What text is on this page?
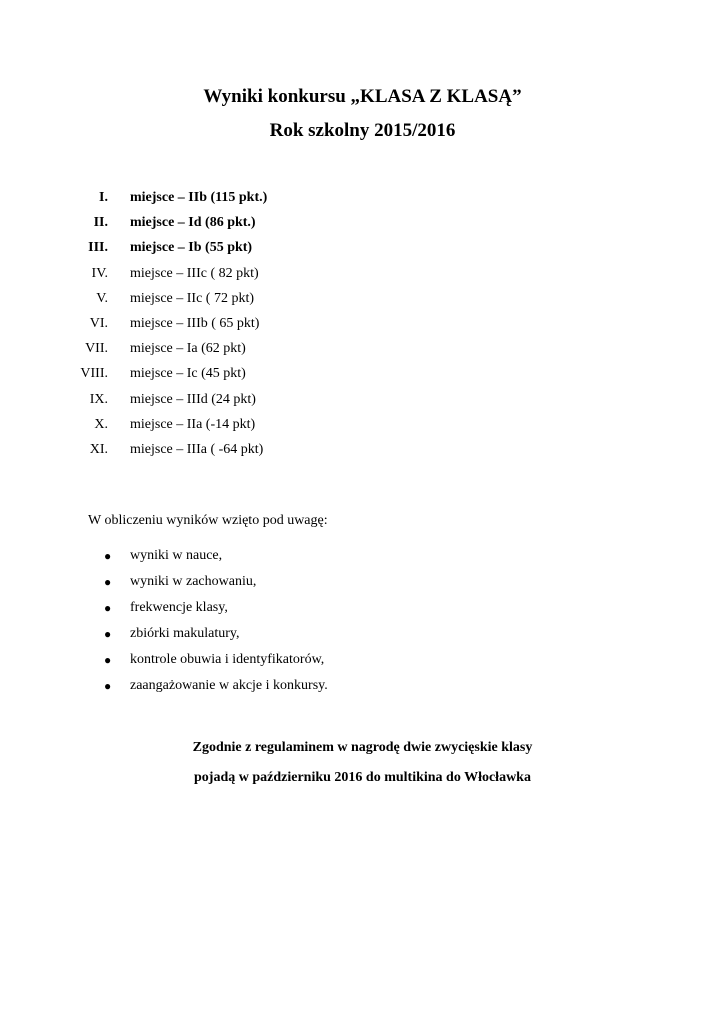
Wyniki konkursu „KLASA Z KLASĄ”
Rok szkolny 2015/2016
I. miejsce – IIb (115 pkt.)
II. miejsce – Id (86 pkt.)
III. miejsce – Ib (55 pkt)
IV. miejsce – IIIc ( 82 pkt)
V. miejsce – IIc ( 72 pkt)
VI. miejsce – IIIb ( 65 pkt)
VII. miejsce – Ia (62 pkt)
VIII. miejsce – Ic (45 pkt)
IX. miejsce – IIId (24 pkt)
X. miejsce – IIa (-14 pkt)
XI. miejsce – IIIa ( -64 pkt)

W obliczeniu wyników wzięto pod uwagę:

● wyniki w nauce,
● wyniki w zachowaniu,
● frekwencje klasy,
● zbiórki makulatury,
● kontrole obuwia i identyfikatorów,
● zaangażowanie w akcje i konkursy.

Zgodnie z regulaminem w nagrodę dwie zwycięskie klasy

pojadą w październiku 2016 do multikina do Włocławka
